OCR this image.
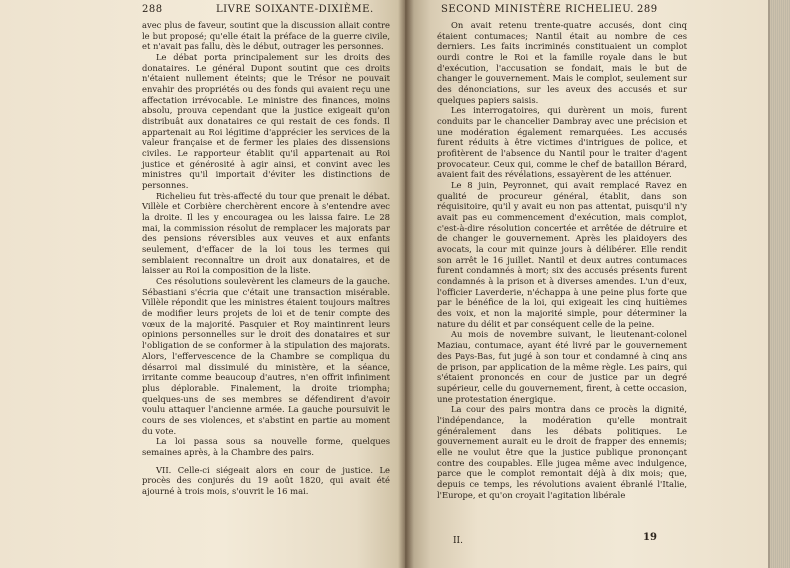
288	LIVRE SOIXANTE-DIXIÈME.

avec plus de faveur, soutint que la discussion allait contre le but proposé; qu'elle était la préface de la guerre civile, et n'avait pas fallu, dès le début, outrager les personnes.

Le débat porta principalement sur les droits des donataires. Le général Dupont soutint que ces droits n'étaient nullement éteints; que le Trésor ne pouvait envahir des propriétés ou des fonds qui avaient reçu une affectation irrévocable. Le ministre des finances, moins absolu, prouva cependant que la justice exigeait qu'on distribuât aux donataires ce qui restait de ces fonds. Il appartenait au Roi légitime d'apprécier les services de la valeur française et de fermer les plaies des dissensions civiles. Le rapporteur établit qu'il appartenait au Roi justice et générosité à agir ainsi, et convint avec les ministres qu'il importait d'éviter les distinctions de personnes.

Richelieu fut très-affecté du tour que prenait le débat. Villèle et Corbière cherchèrent encore à s'entendre avec la droite. Il les y encouragea ou les laissa faire. Le 28 mai, la commission résolut de remplacer les majorats par des pensions réversibles aux veuves et aux enfants seulement, d'effacer de la loi tous les termes qui semblaient reconnaître un droit aux donataires, et de laisser au Roi la composition de la liste.

Ces résolutions soulevèrent les clameurs de la gauche. Sébastiani s'écria que c'était une transaction misérable. Villèle répondit que les ministres étaient toujours maîtres de modifier leurs projets de loi et de tenir compte des vœux de la majorité. Pasquier et Roy maintinrent leurs opinions personnelles sur le droit des donataires et sur l'obligation de se conformer à la stipulation des majorats. Alors, l'effervescence de la Chambre se compliqua du désarroi mal dissimulé du ministère, et la séance, irritante comme beaucoup d'autres, n'en offrit infiniment plus déplorable. Finalement, la droite triompha; quelques-uns de ses membres se défendirent d'avoir voulu attaquer l'ancienne armée. La gauche poursuivit le cours de ses violences, et s'abstint en partie au moment du vote.

La loi passa sous sa nouvelle forme, quelques semaines après, à la Chambre des pairs.

VII. Celle-ci siégeait alors en cour de justice. Le procès des conjurés du 19 août 1820, qui avait été ajourné à trois mois, s'ouvrit le 16 mai.

SECOND MINISTÈRE RICHELIEU. 289

On avait retenu trente-quatre accusés, dont cinq étaient contumaces; Nantil était au nombre de ces derniers. Les faits incriminés constituaient un complot ourdi contre le Roi et la famille royale dans le but d'exécution, l'accusation se fondait, mais le but de changer le gouvernement. Mais le complot, seulement sur des dénonciations, sur les aveux des accusés et sur quelques papiers saisis.

Les interrogatoires, qui durèrent un mois, furent conduits par le chancelier Dambray avec une précision et une modération également remarquées. Les accusés furent réduits à être victimes d'intrigues de police, et profitèrent de l'absence du Nantil pour le traiter d'agent provocateur. Ceux qui, comme le chef de bataillon Bérard, avaient fait des révélations, essayèrent de les atténuer.

Le 8 juin, Peyronnet, qui avait remplacé Ravez en qualité de procureur général, établit, dans son réquisitoire, qu'il y avait eu non pas attentat, puisqu'il n'y avait pas eu commencement d'exécution, mais complot, c'est-à-dire résolution concertée et arrêtée de détruire et de changer le gouvernement. Après les plaidoyers des avocats, la cour mit quinze jours à délibérer. Elle rendit son arrêt le 16 juillet. Nantil et deux autres contumaces furent condamnés à mort; six des accusés présents furent condamnés à la prison et à diverses amendes. L'un d'eux, l'officier Laverderie, n'échappa à une peine plus forte que par le bénéfice de la loi, qui exigeait les cinq huitièmes des voix, et non la majorité simple, pour déterminer la nature du délit et par conséquent celle de la peine.

Au mois de novembre suivant, le lieutenant-colonel Maziau, contumace, ayant été livré par le gouvernement des Pays-Bas, fut jugé à son tour et condamné à cinq ans de prison, par application de la même règle. Les pairs, qui s'étaient prononcés en cour de justice par un degré supérieur, celle du gouvernement, firent, à cette occasion, une protestation énergique.

La cour des pairs montra dans ce procès la dignité, l'indépendance, la modération qu'elle montrait généralement dans les débats politiques. Le gouvernement aurait eu le droit de frapper des ennemis; elle ne voulut être que la justice publique prononçant contre des coupables. Elle jugea même avec indulgence, parce que le complot remontait déjà à dix mois; que, depuis ce temps, les révolutions avaient ébranlé l'Italie, l'Europe, et qu'on croyait l'agitation libérale

II.	19
